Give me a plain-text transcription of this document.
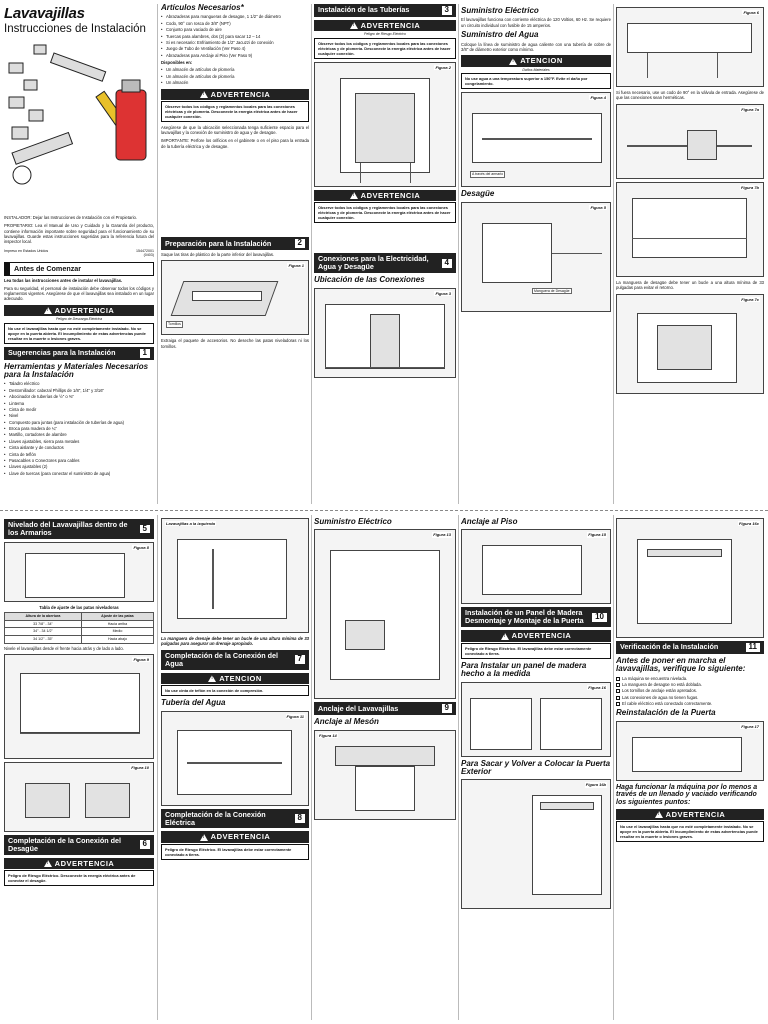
Lavavajillas
Instrucciones de Instalación

INSTALADOR: Dejar las Instrucciones de Instalación con el Propietario.

PROPIETARIO: Lea el Manual de Uso y Cuidado y la Garantía del producto, contiene información importante sobre seguridad para el funcionamiento de su lavavajillas. Guarde estas instrucciones sugeridas para la referencia futura del inspector local.

Impreso en Estados Unidos	154472001
(0403)
Antes de Comenzar

Lea todas las instrucciones antes de instalar el lavavajillas.

Para su seguridad, el personal de instalación debe observar todos los códigos y reglamentos vigentes. Asegúrese de que el lavavajillas sea instalado en un lugar adecuado.

!
ADVERTENCIA
Peligro de Descarga Eléctrica
No use el lavavajillas hasta que no esté completamente instalado. No se apoye en la puerta abierta. El incumplimiento de estas advertencias puede resultar en la muerte o lesiones graves.
Sugerencias para la Instalación	1
Herramientas y Materiales Necesarios para la Instalación
• Taladro eléctrico
• Destornillador: cabezal Phillips de 1/8", 1/4" y 3/16"
• Abocinador de tuberías de ½" o ⅜"
• Linterna
• Cinta de medir
• Nivel
• Compuesto para juntas (para instalación de tuberías de agua)
• Broca para madera de ¼"
• Martillo, cortadores de alambre
• Llaves ajustables, sierra para metales
• Cinta aislante y de conductos
• Cinta de teflón
• Pasacables o Conectores para cables
• Llaves ajustables (2)
• Llave de tuercas (para conectar el suministro de agua)
Artículos Necesarios*
• Abrazaderas para mangueras de desagüe, 1 1/2" de diámetro
• Codo, 90° con rosca de 3/8" (NPT)
• Conjunto para vaciado de aire
• Tuercas para alambres, dos (2) para sacar 12 – 14
• Si es necesario: Enfriamiento de 1/2" Jacuzzi de conexión
• Juego de Tubo de Ventilación (Ver Paso 4)
• Abrazaderas para Anclaje al Piso (Ver Paso 9)
Disponibles en:
• Un almacén de artículos de plomería
• Un almacén de artículos de plomería
• Un almacén
!
ADVERTENCIA
Observe todos los códigos y reglamentos locales para las conexiones eléctricas y de plomería. Desconecte la energía eléctrica antes de hacer cualquier conexión.

Asegúrese de que la ubicación seleccionada tenga suficiente espacio para el lavavajillas y la conexión de suministro de agua y de desagüe.

IMPORTANTE: Perfore los orificios en el gabinete o en el piso para la entrada de la tubería eléctrica y de desagüe.

Preparación para la Instalación	2

Saque las tiras de plástico de la parte inferior del lavavajillas.

Figura 1
Tornillos

Extraiga el paquete de accesorios. No deseche las patas niveladoras ni los tornillos.

Instalación de las Tuberías	3
!
ADVERTENCIA
Peligro de Riesgo Eléctrico
Observe todos los códigos y reglamentos locales para las conexiones eléctricas y de plomería. Desconecte la energía eléctrica antes de hacer cualquier conexión.
Figura 2
!
ADVERTENCIA
Observe todos los códigos y reglamentos locales para las conexiones eléctricas y de plomería. Desconecte la energía eléctrica antes de hacer cualquier conexión.
Conexiones para la Electricidad, Agua y Desagüe	4
Ubicación de las Conexiones
Figura 3
Suministro Eléctrico

El lavavajillas funciona con corriente eléctrica de 120 Voltios, 60 Hz. Se requiere un circuito individual con fusible de 15 amperios.

Suministro del Agua

Coloque la línea de suministro de agua caliente con una tubería de cobre de 3/8" de diámetro exterior como mínimo.

!
ATENCION
Daños Materiales
No use agua a una temperatura superior a 150°F. Evite el daño por congelamiento.
Figura 4
A través del armario
Desagüe
Figura 5
Manguera de Desagüe
Figura 6

Si fuera necesario, use un codo de 90° en la válvula de entrada. Asegúrese de que las conexiones sean herméticas.

Figura 7a
Figura 7b

La manguera de desagüe debe tener un bucle a una altura mínima de 33 pulgadas para evitar el retorno.

Figura 7c
Nivelado del Lavavajillas dentro de los Armarios	5
Figura 8
Tabla de ajuste de las patas niveladoras
Altura de la abertura	Ajuste de las patas
33 7/8" - 34"	Hacia arriba
34" - 34 1/2"	Medio
34 1/2" - 35"	Hacia abajo

Nivele el lavavajillas desde el frente hacia atrás y de lado a lado.

Figura 9
Figura 10
Completación de la Conexión del Desagüe	6
!
ADVERTENCIA
Peligro de Riesgo Eléctrico. Desconecte la energía eléctrica antes de conectar el desagüe.
Lavavajillas a la izquierda

La manguera de drenaje debe tener un bucle de una altura mínima de 33 pulgadas para asegurar un drenaje apropiado.

Completación de la Conexión del Agua	7
!
ATENCION
No use cinta de teflón en la conexión de compresión.
Tubería del Agua
Figura 11
Completación de la Conexión Eléctrica	8
!
ADVERTENCIA
Peligro de Riesgo Eléctrico. El lavavajillas debe estar correctamente conectado a tierra.
Suministro Eléctrico
Figura 13
Anclaje del Lavavajillas	9
Anclaje al Mesón
Figura 14
Anclaje al Piso
Figura 15
Instalación de un Panel de Madera Desmontaje y Montaje de la Puerta	10
!
ADVERTENCIA
Peligro de Riesgo Eléctrico. El lavavajillas debe estar correctamente conectado a tierra.
Para Instalar un panel de madera hecho a la medida
Figura 16
Para Sacar y Volver a Colocar la Puerta Exterior
Figura 16b
Figura 16c
Verificación de la Instalación	11
Antes de poner en marcha el lavavajillas, verifique lo siguiente:
La máquina se encuentra nivelada.
La manguera de desagüe no está doblada.
Los tornillos de anclaje están apretados.
Las conexiones de agua no tienen fugas.
El cable eléctrico está conectado correctamente.
Reinstalación de la Puerta
Figura 17
Haga funcionar la máquina por lo menos a través de un llenado y vaciado verificando los siguientes puntos:
!
ADVERTENCIA
No use el lavavajillas hasta que no esté completamente instalado. No se apoye en la puerta abierta. El incumplimiento de estas advertencias puede resultar en la muerte o lesiones graves.
